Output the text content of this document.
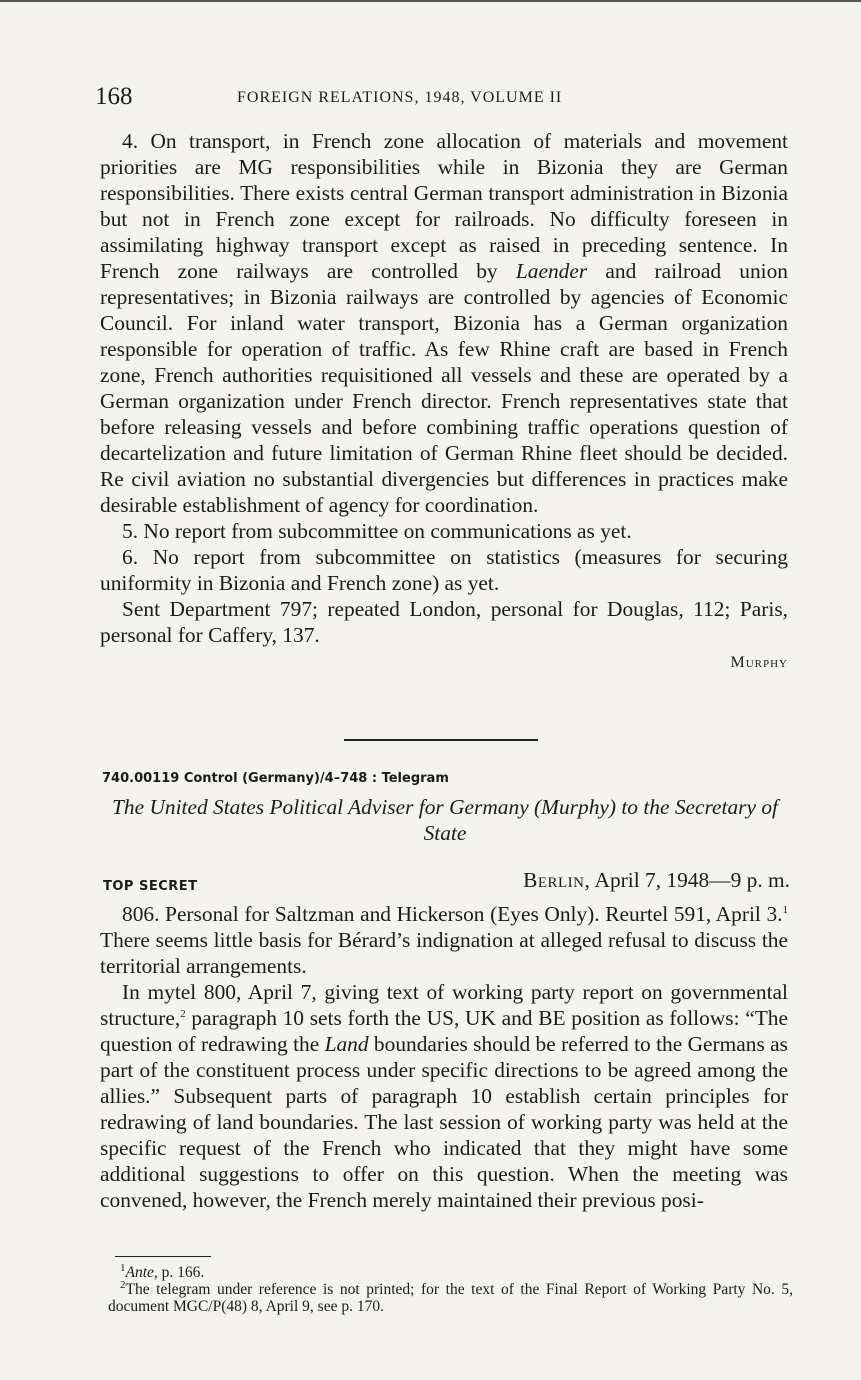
168	FOREIGN RELATIONS, 1948, VOLUME II

4. On transport, in French zone allocation of materials and movement priorities are MG responsibilities while in Bizonia they are German responsibilities. There exists central German transport administration in Bizonia but not in French zone except for railroads. No difficulty foreseen in assimilating highway transport except as raised in preceding sentence. In French zone railways are controlled by Laender and railroad union representatives; in Bizonia railways are controlled by agencies of Economic Council. For inland water transport, Bizonia has a German organization responsible for operation of traffic. As few Rhine craft are based in French zone, French authorities requisitioned all vessels and these are operated by a German organization under French director. French representatives state that before releasing vessels and before combining traffic operations question of decartelization and future limitation of German Rhine fleet should be decided. Re civil aviation no substantial divergencies but differences in practices make desirable establishment of agency for coordination.

5. No report from subcommittee on communications as yet.

6. No report from subcommittee on statistics (measures for securing uniformity in Bizonia and French zone) as yet.

Sent Department 797; repeated London, personal for Douglas, 112; Paris, personal for Caffery, 137.

Murphy

740.00119 Control (Germany)/4–748 : Telegram
The United States Political Adviser for Germany (Murphy) to the Secretary of State
TOP SECRET	Berlin, April 7, 1948—9 p. m.

806. Personal for Saltzman and Hickerson (Eyes Only). Reurtel 591, April 3.$^1$ There seems little basis for Bérard’s indignation at alleged refusal to discuss the territorial arrangements.

In mytel 800, April 7, giving text of working party report on governmental structure,$^2$ paragraph 10 sets forth the US, UK and BE position as follows: “The question of redrawing the Land boundaries should be referred to the Germans as part of the constituent process under specific directions to be agreed among the allies.” Subsequent parts of paragraph 10 establish certain principles for redrawing of land boundaries. The last session of working party was held at the specific request of the French who indicated that they might have some additional suggestions to offer on this question. When the meeting was convened, however, the French merely maintained their previous posi-

$^1$Ante, p. 166.

$^2$The telegram under reference is not printed; for the text of the Final Report of Working Party No. 5, document MGC/P(48) 8, April 9, see p. 170.
